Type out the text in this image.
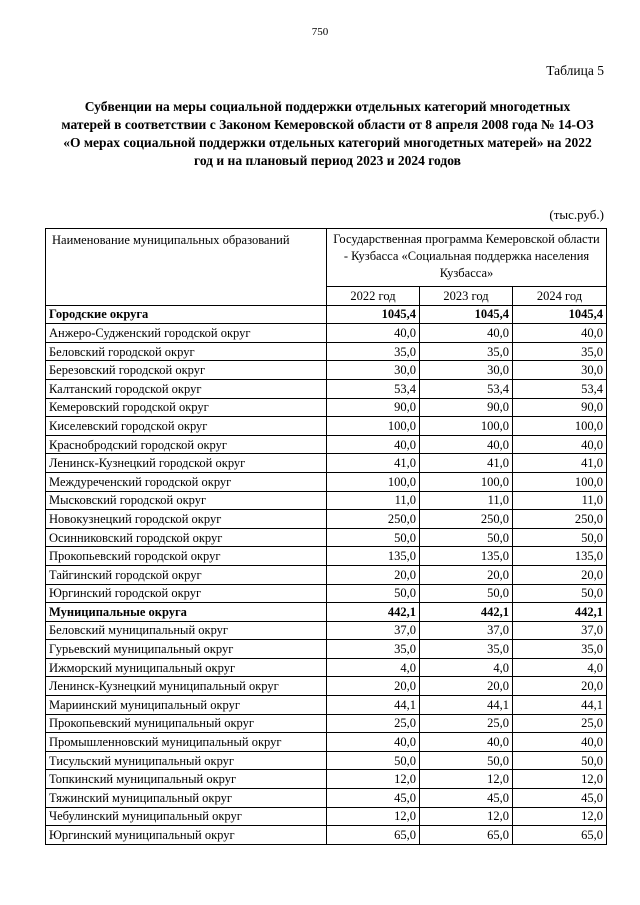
750
Таблица 5
Субвенции на меры социальной поддержки отдельных категорий многодетных
матерей в соответствии с Законом Кемеровской области от 8 апреля 2008 года № 14-ОЗ
«О мерах социальной поддержки отдельных категорий многодетных матерей» на 2022
год и на плановый период 2023 и 2024 годов
(тыс.руб.)
Наименование муниципальных образований	Государственная программа Кемеровской области - Кузбасса «Социальная поддержка населения Кузбасса»		
	2022 год	2023 год	2024 год
Городские округа	1045,4	1045,4	1045,4
Анжеро-Судженский городской округ	40,0	40,0	40,0
Беловский городской округ	35,0	35,0	35,0
Березовский городской округ	30,0	30,0	30,0
Калтанский городской округ	53,4	53,4	53,4
Кемеровский городской округ	90,0	90,0	90,0
Киселевский городской округ	100,0	100,0	100,0
Краснобродский городской округ	40,0	40,0	40,0
Ленинск-Кузнецкий городской округ	41,0	41,0	41,0
Междуреченский городской округ	100,0	100,0	100,0
Мысковский городской округ	11,0	11,0	11,0
Новокузнецкий городской округ	250,0	250,0	250,0
Осинниковский городской округ	50,0	50,0	50,0
Прокопьевский городской округ	135,0	135,0	135,0
Тайгинский городской округ	20,0	20,0	20,0
Юргинский городской округ	50,0	50,0	50,0
Муниципальные округа	442,1	442,1	442,1
Беловский муниципальный округ	37,0	37,0	37,0
Гурьевский муниципальный округ	35,0	35,0	35,0
Ижморский муниципальный округ	4,0	4,0	4,0
Ленинск-Кузнецкий муниципальный округ	20,0	20,0	20,0
Мариинский муниципальный округ	44,1	44,1	44,1
Прокопьевский муниципальный округ	25,0	25,0	25,0
Промышленновский муниципальный округ	40,0	40,0	40,0
Тисульский муниципальный округ	50,0	50,0	50,0
Топкинский муниципальный округ	12,0	12,0	12,0
Тяжинский муниципальный округ	45,0	45,0	45,0
Чебулинский муниципальный округ	12,0	12,0	12,0
Юргинский муниципальный округ	65,0	65,0	65,0
